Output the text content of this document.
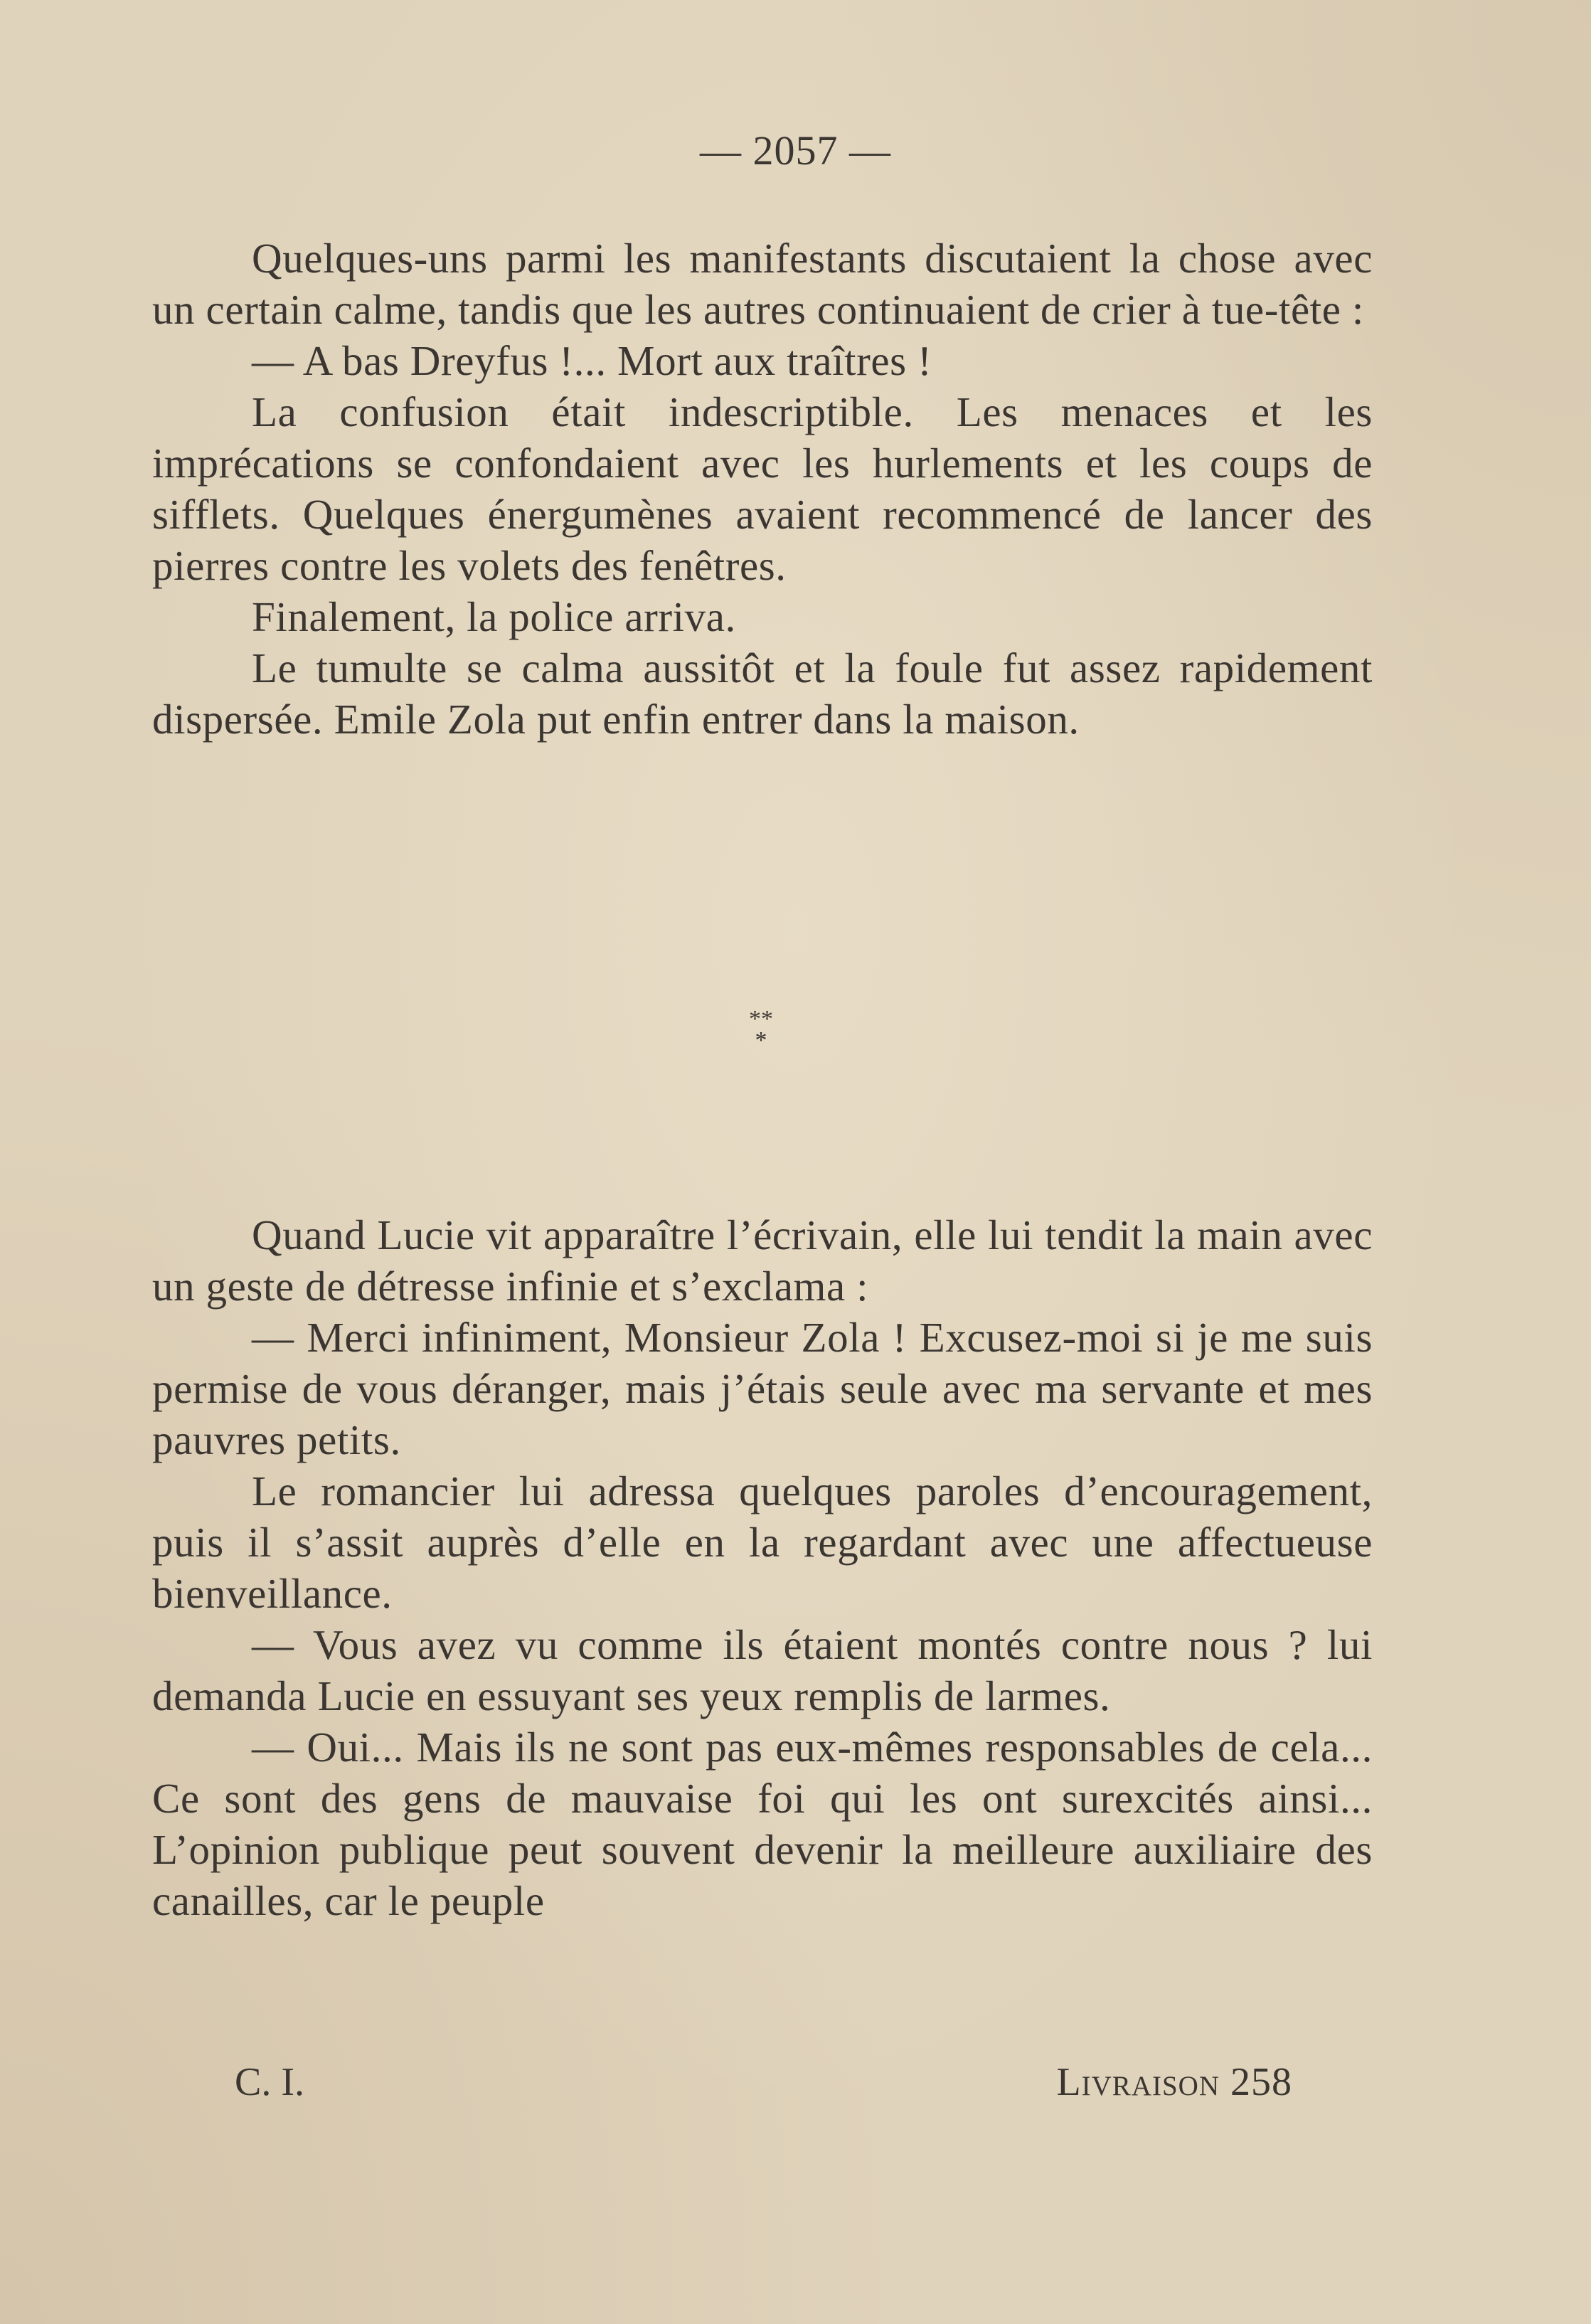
— 2057 —

Quelques-uns parmi les manifestants discutaient la chose avec un certain calme, tandis que les autres continuaient de crier à tue-tête :

— A bas Dreyfus !... Mort aux traîtres !

La confusion était indescriptible. Les menaces et les imprécations se confondaient avec les hurlements et les coups de sifflets. Quelques énergumènes avaient recommencé de lancer des pierres contre les volets des fenêtres.

Finalement, la police arriva.

Le tumulte se calma aussitôt et la foule fut assez rapidement dispersée. Emile Zola put enfin entrer dans la maison.

**
*

Quand Lucie vit apparaître l’écrivain, elle lui tendit la main avec un geste de détresse infinie et s’exclama :

— Merci infiniment, Monsieur Zola ! Excusez-moi si je me suis permise de vous déranger, mais j’étais seule avec ma servante et mes pauvres petits.

Le romancier lui adressa quelques paroles d’encouragement, puis il s’assit auprès d’elle en la regardant avec une affectueuse bienveillance.

— Vous avez vu comme ils étaient montés contre nous ? lui demanda Lucie en essuyant ses yeux remplis de larmes.

— Oui... Mais ils ne sont pas eux-mêmes responsables de cela... Ce sont des gens de mauvaise foi qui les ont surexcités ainsi... L’opinion publique peut souvent devenir la meilleure auxiliaire des canailles, car le peuple

C. I.	Livraison 258
